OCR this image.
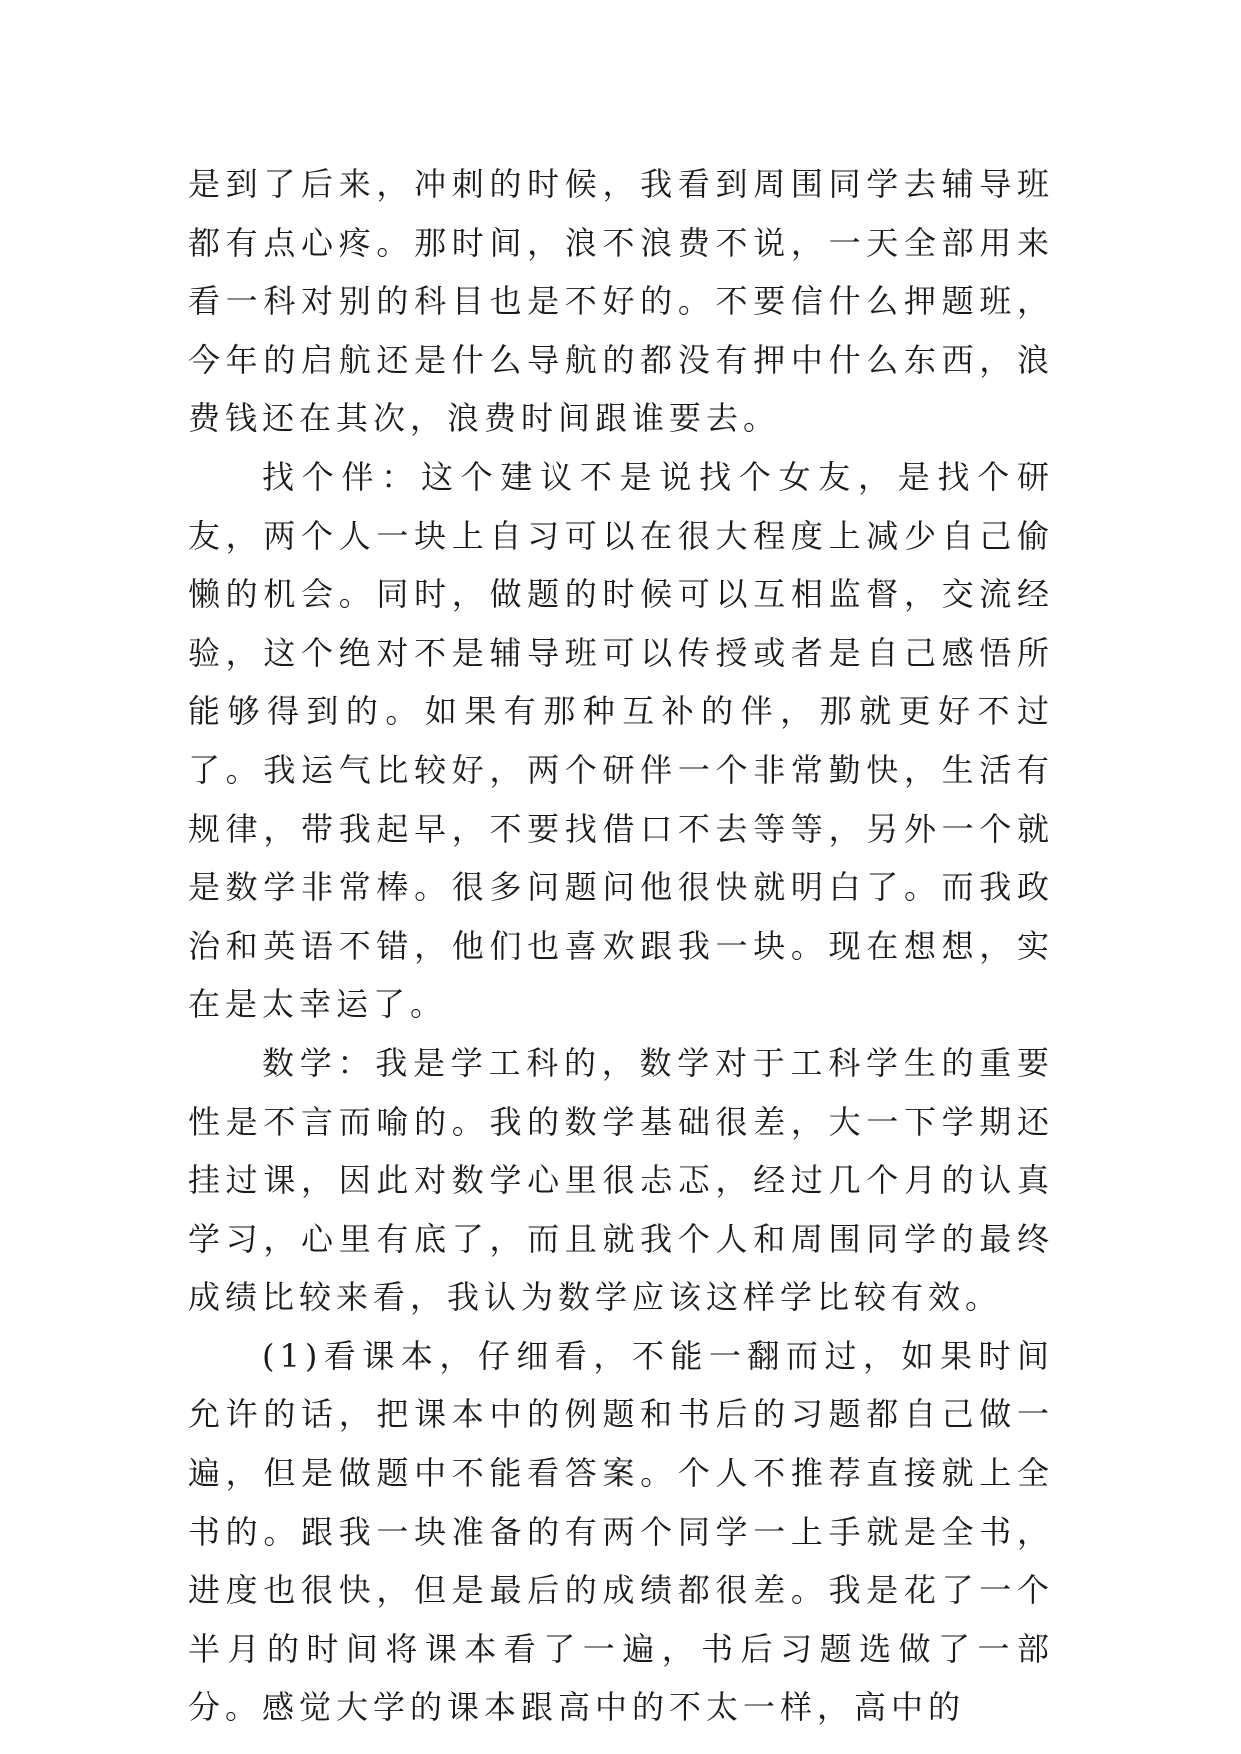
是到了后来，冲刺的时候，我看到周围同学去辅导班都有点心疼。那时间，浪不浪费不说，一天全部用来看一科对别的科目也是不好的。不要信什么押题班，今年的启航还是什么导航的都没有押中什么东西，浪费钱还在其次，浪费时间跟谁要去。

找个伴：这个建议不是说找个女友，是找个研友，两个人一块上自习可以在很大程度上减少自己偷懒的机会。同时，做题的时候可以互相监督，交流经验，这个绝对不是辅导班可以传授或者是自己感悟所能够得到的。如果有那种互补的伴，那就更好不过了。我运气比较好，两个研伴一个非常勤快，生活有规律，带我起早，不要找借口不去等等，另外一个就是数学非常棒。很多问题问他很快就明白了。而我政治和英语不错，他们也喜欢跟我一块。现在想想，实在是太幸运了。

数学：我是学工科的，数学对于工科学生的重要性是不言而喻的。我的数学基础很差，大一下学期还挂过课，因此对数学心里很忐忑，经过几个月的认真学习，心里有底了，而且就我个人和周围同学的最终成绩比较来看，我认为数学应该这样学比较有效。

(1)看课本，仔细看，不能一翻而过，如果时间允许的话，把课本中的例题和书后的习题都自己做一遍，但是做题中不能看答案。个人不推荐直接就上全书的。跟我一块准备的有两个同学一上手就是全书，进度也很快，但是最后的成绩都很差。我是花了一个半月的时间将课本看了一遍，书后习题选做了一部分。感觉大学的课本跟高中的不太一样，高中的
